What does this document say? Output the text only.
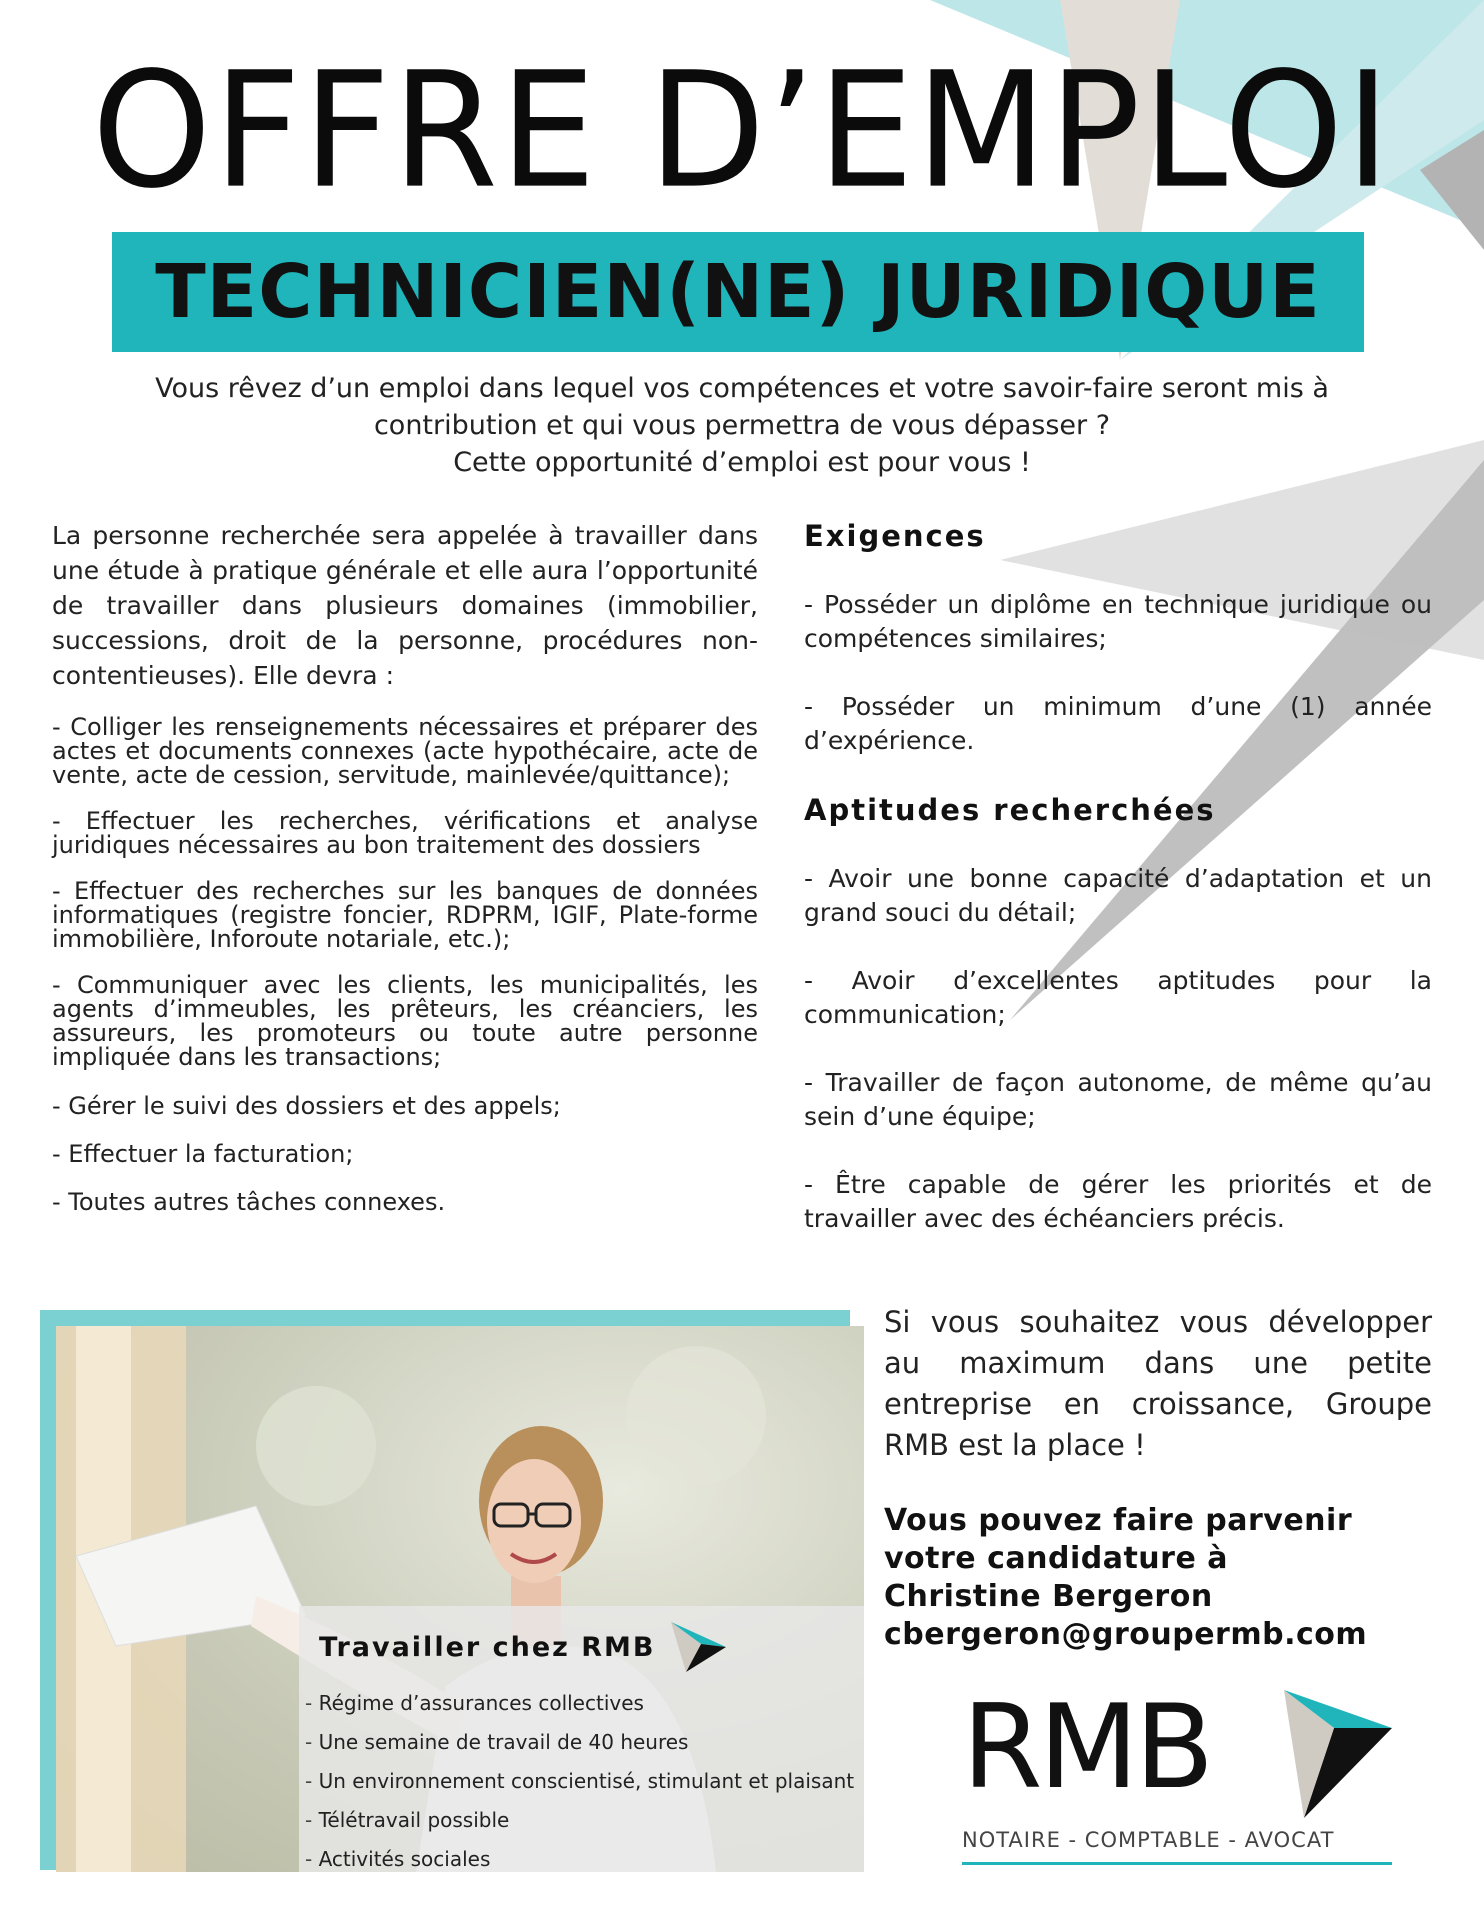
OFFRE D’EMPLOI
TECHNICIEN(NE) JURIDIQUE
Vous rêvez d’un emploi dans lequel vos compétences et votre savoir-faire seront mis à
contribution et qui vous permettra de vous dépasser ?
Cette opportunité d’emploi est pour vous !

La personne recherchée sera appelée à travailler dans une étude à pratique générale et elle aura l’opportunité de travailler dans plusieurs domaines (immobilier, successions, droit de la personne, procédures non-contentieuses). Elle devra :

- Colliger les renseignements nécessaires et préparer des actes et documents connexes (acte hypothécaire, acte de vente, acte de cession, servitude, mainlevée/quittance);

- Effectuer les recherches, vérifications et analyse juridiques nécessaires au bon traitement des dossiers

- Effectuer des recherches sur les banques de données informatiques (registre foncier, RDPRM, IGIF, Plate-forme immobilière, Inforoute notariale, etc.);

- Communiquer avec les clients, les municipalités, les agents d’immeubles, les prêteurs, les créanciers, les assureurs, les promoteurs ou toute autre personne impliquée dans les transactions;

- Gérer le suivi des dossiers et des appels;

- Effectuer la facturation;

- Toutes autres tâches connexes.

Exigences

- Posséder un diplôme en technique juridique ou compétences similaires;

- Posséder un minimum d’une (1) année d’expérience.

Aptitudes recherchées

- Avoir une bonne capacité d’adaptation et un grand souci du détail;

- Avoir d’excellentes aptitudes pour la communication;

- Travailler de façon autonome, de même qu’au sein d’une équipe;

- Être capable de gérer les priorités et de travailler avec des échéanciers précis.

Travailler chez RMB
- Régime d’assurances collectives
- Une semaine de travail de 40 heures
- Un environnement conscientisé, stimulant et plaisant
- Télétravail possible
- Activités sociales
Si vous souhaitez vous développer au maximum dans une petite entreprise en croissance, Groupe RMB est la place !
Vous pouvez faire parvenir
votre candidature à
Christine Bergeron
cbergeron@groupermb.com
RMB
NOTAIRE - COMPTABLE - AVOCAT
